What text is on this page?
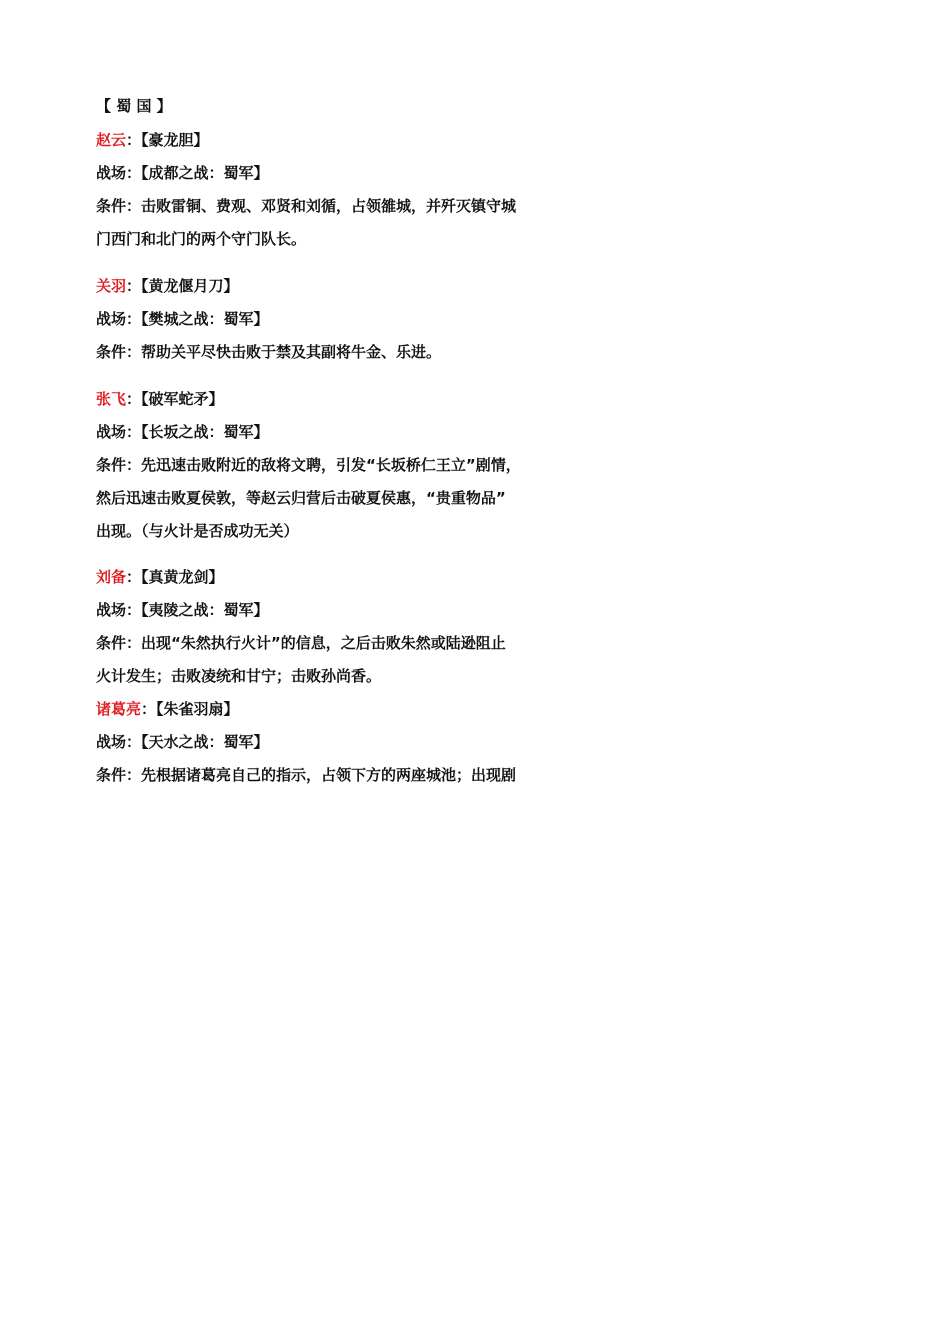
【 蜀 国 】
赵云：【豪龙胆】
战场：【成都之战：蜀军】
条件：击败雷铜、费观、邓贤和刘循，占领雒城，并歼灭镇守城
门西门和北门的两个守门队长。
关羽：【黄龙偃月刀】
战场：【樊城之战：蜀军】
条件：帮助关平尽快击败于禁及其副将牛金、乐进。
张飞：【破军蛇矛】
战场：【长坂之战：蜀军】
条件：先迅速击败附近的敌将文聘，引发“长坂桥仁王立”剧情，
然后迅速击败夏侯敦，等赵云归营后击破夏侯惠，“贵重物品”
出现。（与火计是否成功无关）
刘备：【真黄龙剑】
战场：【夷陵之战：蜀军】
条件：出现“朱然执行火计”的信息，之后击败朱然或陆逊阻止
火计发生；击败凌统和甘宁；击败孙尚香。
诸葛亮：【朱雀羽扇】
战场：【天水之战：蜀军】
条件：先根据诸葛亮自己的指示，占领下方的两座城池；出现剧
